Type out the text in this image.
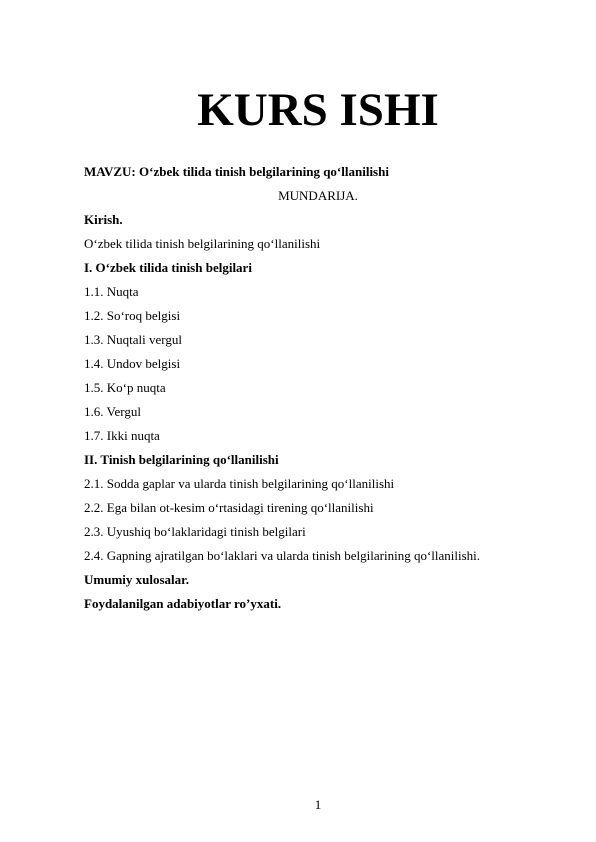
KURS ISHI
MAVZU: O‘zbek tilida tinish belgilarining qo‘llanilishi
MUNDARIJA.
Kirish.
O‘zbek tilida tinish belgilarining qo‘llanilishi
I. O‘zbek tilida tinish belgilari
1.1. Nuqta
1.2. So‘roq belgisi
1.3. Nuqtali vergul
1.4. Undov belgisi
1.5. Ko‘p nuqta
1.6. Vergul
1.7. Ikki nuqta
II. Tinish belgilarining qo‘llanilishi
2.1. Sodda gaplar va ularda tinish belgilarining qo‘llanilishi
2.2. Ega bilan ot-kesim o‘rtasidagi tirening qo‘llanilishi
2.3. Uyushiq bo‘laklaridagi tinish belgilari
2.4. Gapning ajratilgan bo‘laklari va ularda tinish belgilarining qo‘llanilishi.
Umumiy xulosalar.
Foydalanilgan adabiyotlar ro’yxati.
1
